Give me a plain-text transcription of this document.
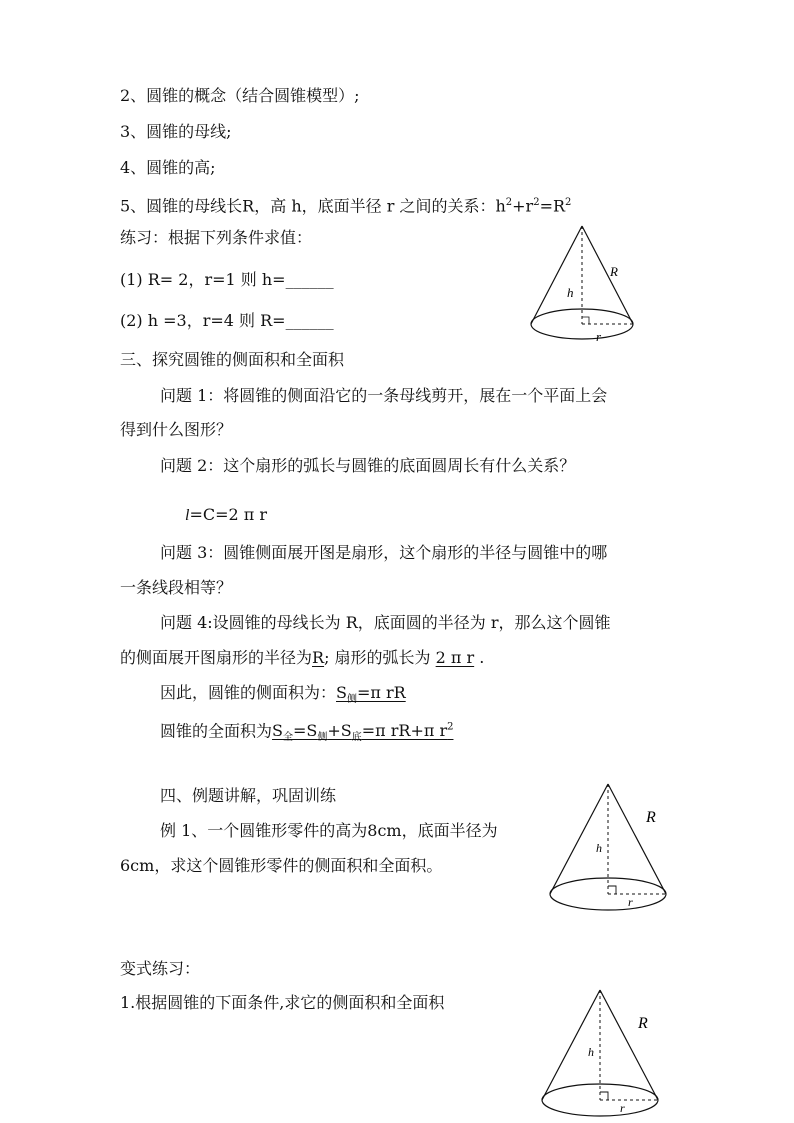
2、圆锥的概念（结合圆锥模型）;
3、圆锥的母线;
4、圆锥的高;
5、圆锥的母线长R，高 h，底面半径 r 之间的关系：$h^2+r^2=R^2$
练习：根据下列条件求值：
(1) R= 2，r=1 则 h=______
(2) h =3，r=4 则 R=______
h
R
r
三、探究圆锥的侧面积和全面积
问题 1：将圆锥的侧面沿它的一条母线剪开，展在一个平面上会
得到什么图形？
问题 2：这个扇形的弧长与圆锥的底面圆周长有什么关系？
l=C=2 π r
问题 3：圆锥侧面展开图是扇形，这个扇形的半径与圆锥中的哪
一条线段相等？
问题 4:设圆锥的母线长为 R，底面圆的半径为 r，那么这个圆锥
的侧面展开图扇形的半径为R; 扇形的弧长为 2 π r .
因此，圆锥的侧面积为：$S_侧=\pi$ rR
圆锥的全面积为$S_全=S_侧+S_底=\pi$ rR+π $r^2$
四、例题讲解，巩固训练
例 1、一个圆锥形零件的高为8cm，底面半径为
6cm，求这个圆锥形零件的侧面积和全面积。
h
R
r
变式练习：
1.根据圆锥的下面条件,求它的侧面积和全面积
h
R
r
